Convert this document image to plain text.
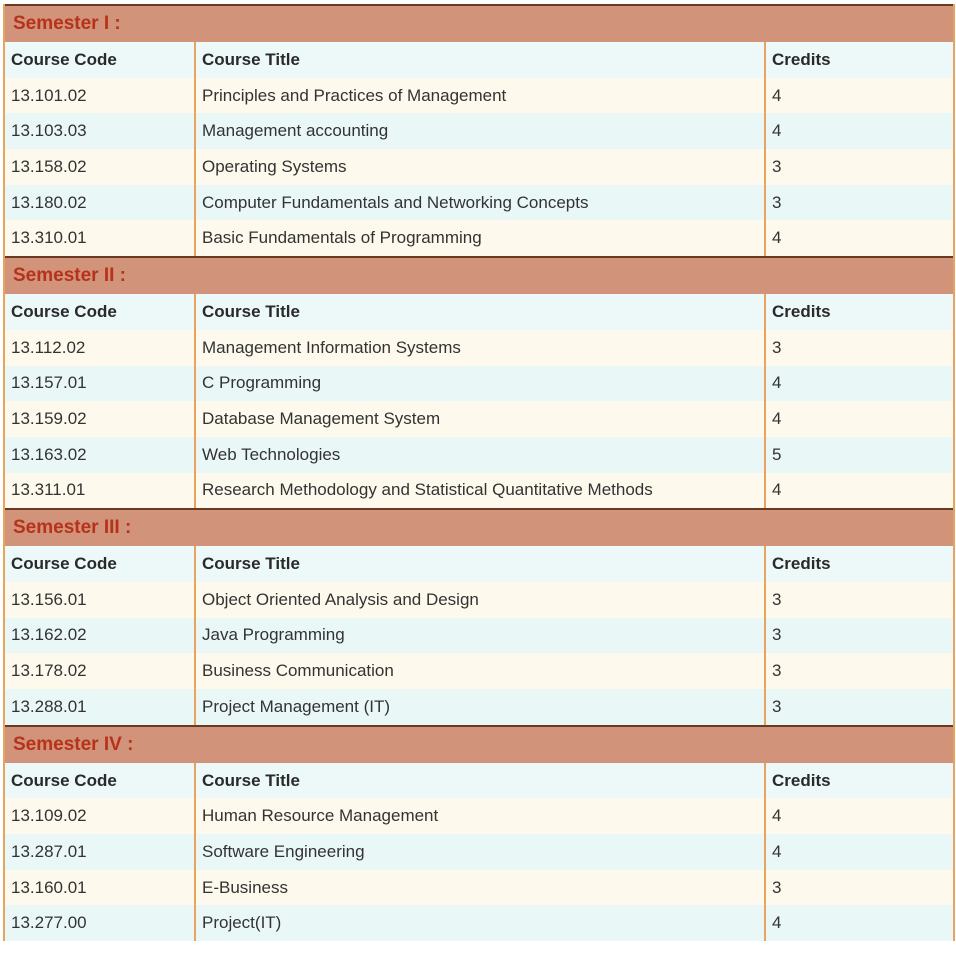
Semester I :
Course Code	Course Title	Credits
13.101.02	Principles and Practices of Management	4
13.103.03	Management accounting	4
13.158.02	Operating Systems	3
13.180.02	Computer Fundamentals and Networking Concepts	3
13.310.01	Basic Fundamentals of Programming	4
Semester II :
Course Code	Course Title	Credits
13.112.02	Management Information Systems	3
13.157.01	C Programming	4
13.159.02	Database Management System	4
13.163.02	Web Technologies	5
13.311.01	Research Methodology and Statistical Quantitative Methods	4
Semester III :
Course Code	Course Title	Credits
13.156.01	Object Oriented Analysis and Design	3
13.162.02	Java Programming	3
13.178.02	Business Communication	3
13.288.01	Project Management (IT)	3
Semester IV :
Course Code	Course Title	Credits
13.109.02	Human Resource Management	4
13.287.01	Software Engineering	4
13.160.01	E-Business	3
13.277.00	Project(IT)	4
